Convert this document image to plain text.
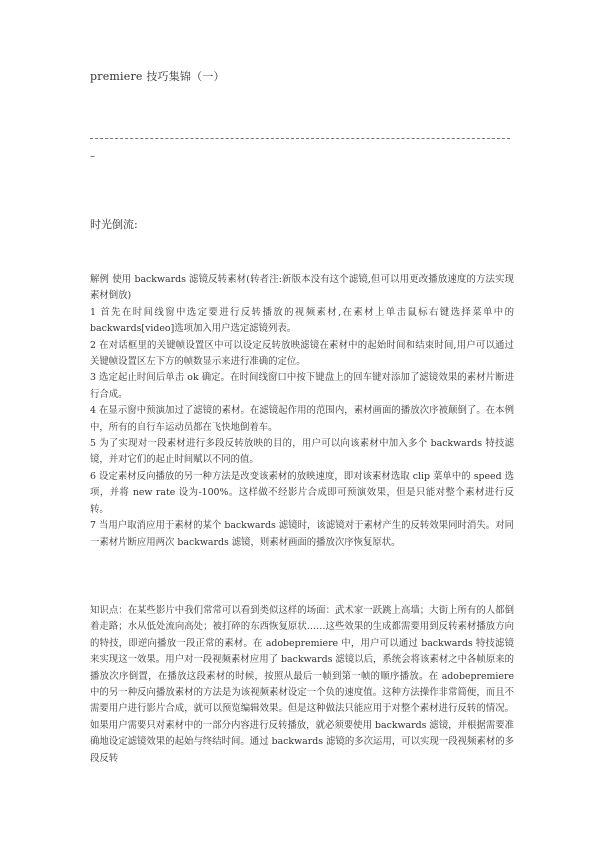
premiere 技巧集锦（一）
–
时光倒流:

解例 使用 backwards 滤镜反转素材(转者注:新版本没有这个滤镜,但可以用更改播放速度的方法实现素材倒放)

1 首先在时间线窗中选定要进行反转播放的视频素材,在素材上单击鼠标右键选择菜单中的backwards[video]选项加入用户选定滤镜列表。

2 在对话框里的关键帧设置区中可以设定反转放映滤镜在素材中的起始时间和结束时间,用户可以通过关键帧设置区左下方的帧数显示来进行准确的定位。

3 选定起止时间后单击 ok 确定。在时间线窗口中按下键盘上的回车键对添加了滤镜效果的素材片断进行合成。

4 在显示窗中预演加过了滤镜的素材。在滤镜起作用的范围内，素材画面的播放次序被颠倒了。在本例中，所有的自行车运动员都在飞快地倒着车。

5 为了实现对一段素材进行多段反转放映的目的，用户可以向该素材中加入多个 backwards 特技滤镜，并对它们的起止时间赋以不同的值。

6 设定素材反向播放的另一种方法是改变该素材的放映速度，即对该素材选取 clip 菜单中的 speed 选项，并将 new rate 设为-100%。这样做不经影片合成即可预演效果，但是只能对整个素材进行反转。

7 当用户取消应用于素材的某个 backwards 滤镜时，该滤镜对于素材产生的反转效果同时消失。对同一素材片断应用两次 backwards 滤镜，则素材画面的播放次序恢复原状。

知识点：在某些影片中我们常常可以看到类似这样的场面：武术家一跃跳上高墙；大街上所有的人都倒着走路；水从低处流向高处；被打碎的东西恢复原状……这些效果的生成都需要用到反转素材播放方向的特技，即逆向播放一段正常的素材。在 adobepremiere 中，用户可以通过 backwards 特技滤镜来实现这一效果。用户对一段视频素材应用了 backwards 滤镜以后，系统会将该素材之中各帧原来的播放次序倒置，在播放这段素材的时候，按照从最后一帧到第一帧的顺序播放。在 adobepremiere 中的另一种反向播放素材的方法是为该视频素材设定一个负的速度值。这种方法操作非常简便，而且不需要用户进行影片合成，就可以预览编辑效果。但是这种做法只能应用于对整个素材进行反转的情况。如果用户需要只对素材中的一部分内容进行反转播放，就必须要使用 backwards 滤镜，并根据需要准确地设定滤镜效果的起始与终结时间。通过 backwards 滤镜的多次运用，可以实现一段视频素材的多段反转
